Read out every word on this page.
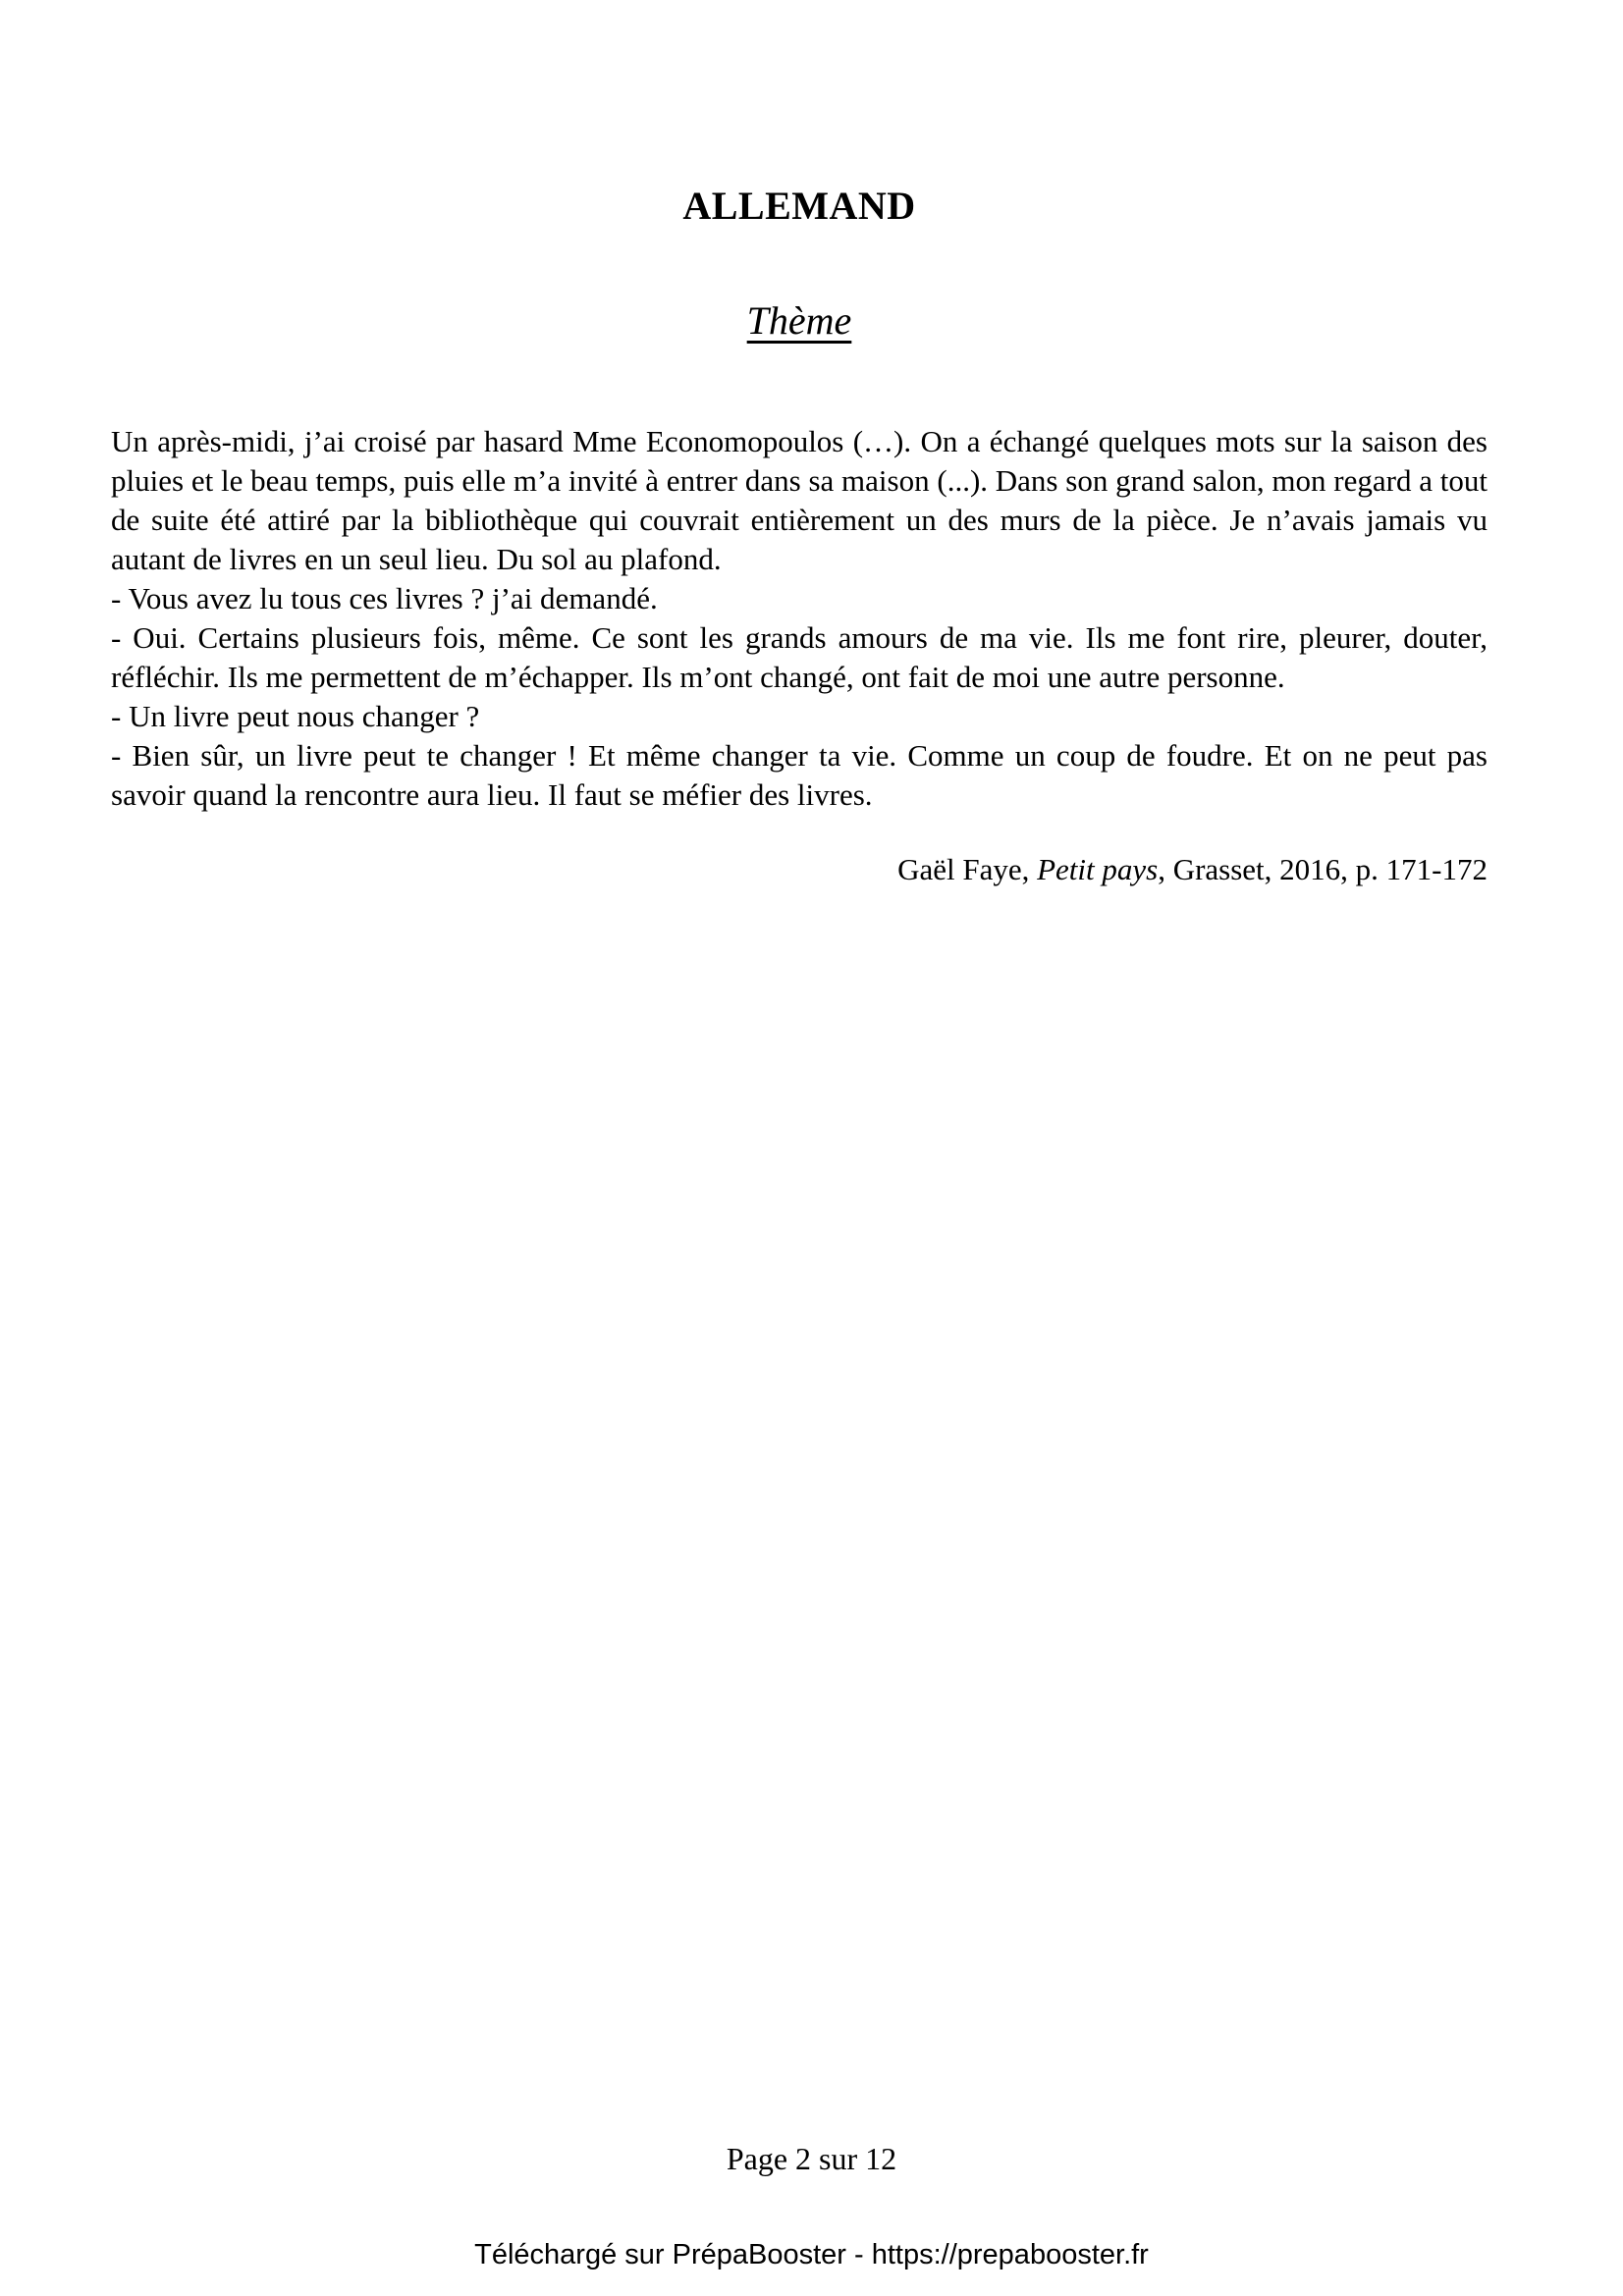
ALLEMAND
Thème

Un après-midi, j’ai croisé par hasard Mme Economopoulos (…). On a échangé quelques mots sur la saison des pluies et le beau temps, puis elle m’a invité à entrer dans sa maison (...). Dans son grand salon, mon regard a tout de suite été attiré par la bibliothèque qui couvrait entièrement un des murs de la pièce. Je n’avais jamais vu autant de livres en un seul lieu. Du sol au plafond.

- Vous avez lu tous ces livres ? j’ai demandé.

- Oui. Certains plusieurs fois, même. Ce sont les grands amours de ma vie. Ils me font rire, pleurer, douter, réfléchir. Ils me permettent de m’échapper. Ils m’ont changé, ont fait de moi une autre personne.

- Un livre peut nous changer ?

- Bien sûr, un livre peut te changer ! Et même changer ta vie. Comme un coup de foudre. Et on ne peut pas savoir quand la rencontre aura lieu. Il faut se méfier des livres.

Gaël Faye, Petit pays, Grasset, 2016, p. 171-172
Page 2 sur 12
Téléchargé sur PrépaBooster - https://prepabooster.fr
